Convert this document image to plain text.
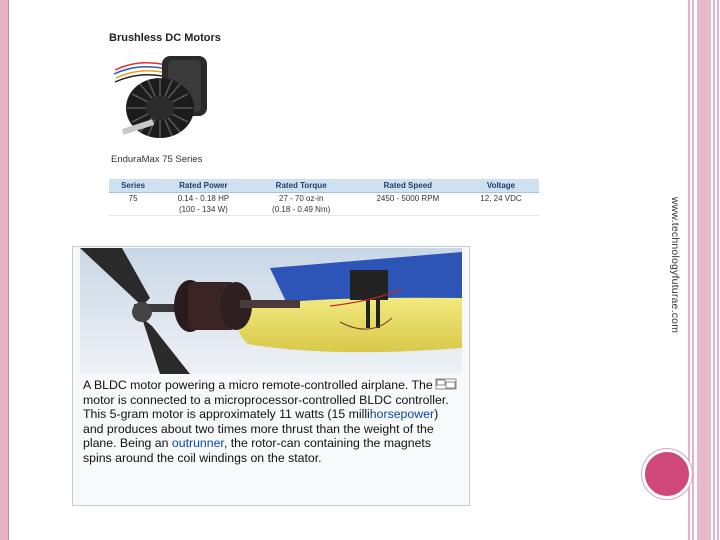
www.technologyfuturae.com
Brushless DC Motors
EnduraMax 75 Series
Series	Rated Power	Rated Torque	Rated Speed	Voltage
75	0.14 - 0.18 HP	27 - 70 oz-in	2450 - 5000 RPM	12, 24 VDC
	(100 - 134 W)	(0.18 - 0.49 Nm)		
A BLDC motor powering a micro remote-controlled airplane. The motor is connected to a microprocessor-controlled BLDC controller. This 5-gram motor is approximately 11 watts (15 millihorsepower) and produces about two times more thrust than the weight of the plane. Being an outrunner, the rotor-can containing the magnets spins around the coil windings on the stator.
